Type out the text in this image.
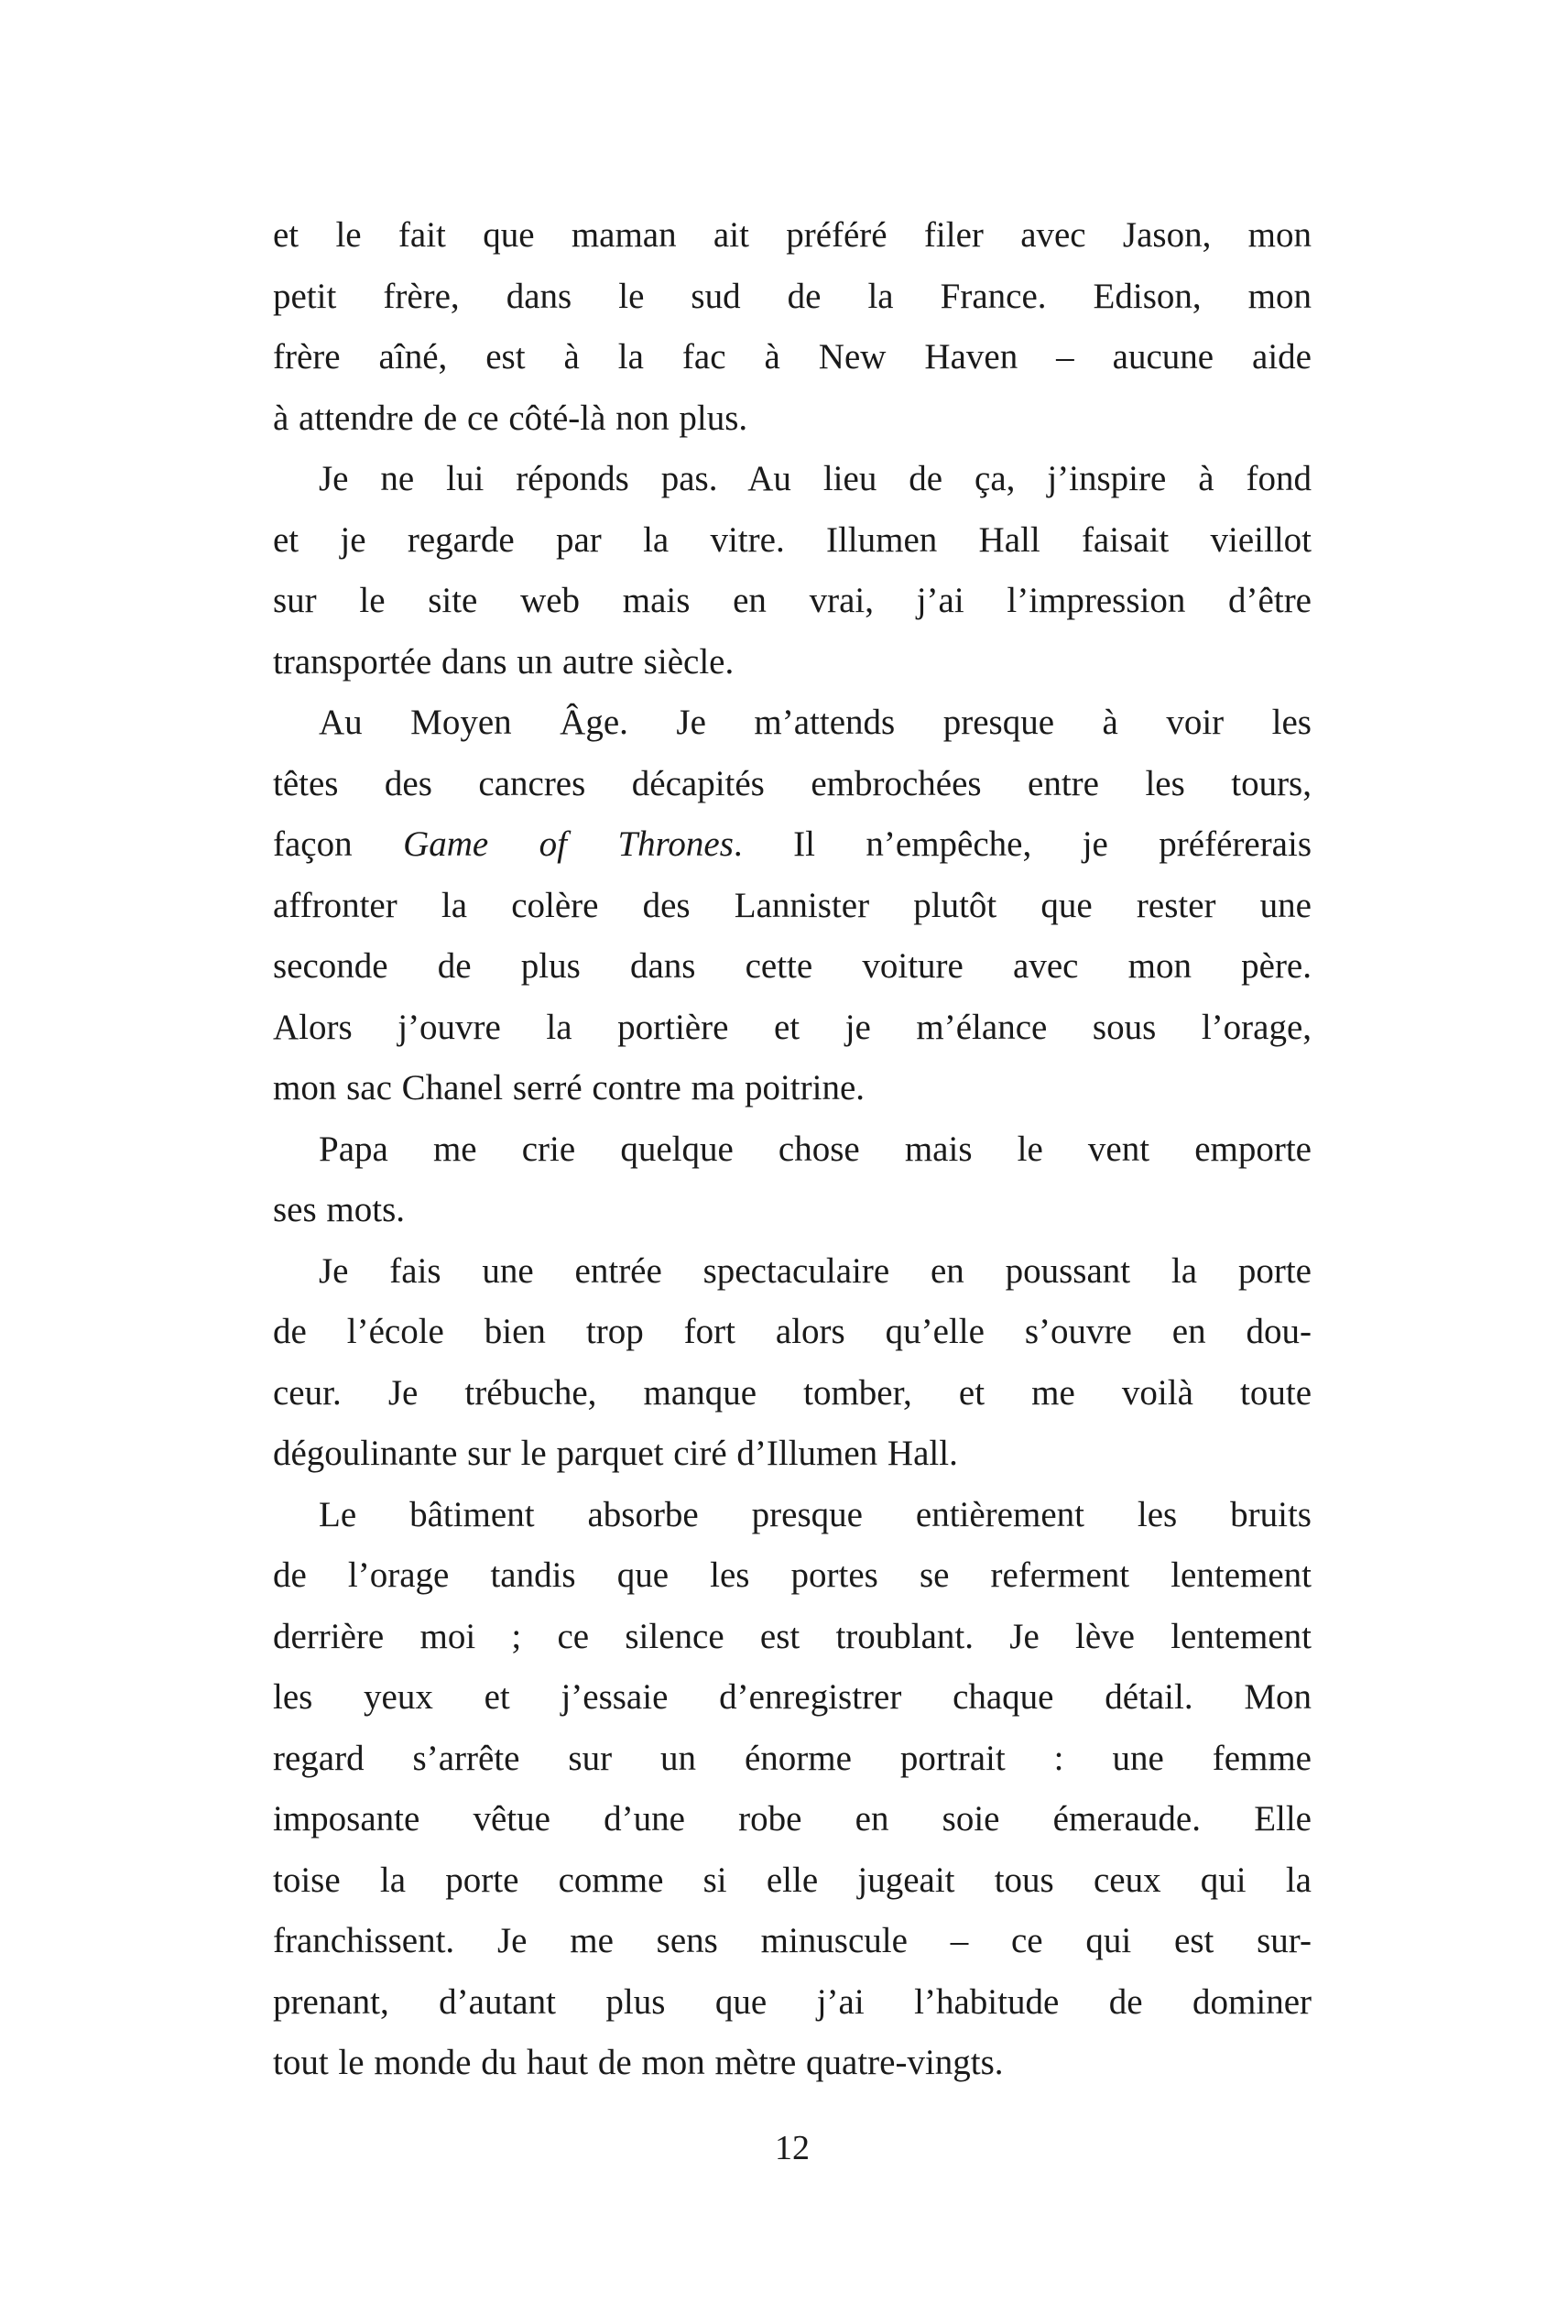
et le fait que maman ait préféré filer avec Jason, mon
petit frère, dans le sud de la France. Edison, mon
frère aîné, est à la fac à New Haven – aucune aide
à attendre de ce côté-là non plus.
Je ne lui réponds pas. Au lieu de ça, j’inspire à fond
et je regarde par la vitre. Illumen Hall faisait vieillot
sur le site web mais en vrai, j’ai l’impression d’être
transportée dans un autre siècle.
Au Moyen Âge. Je m’attends presque à voir les
têtes des cancres décapités embrochées entre les tours,
façon Game of Thrones. Il n’empêche, je préférerais
affronter la colère des Lannister plutôt que rester une
seconde de plus dans cette voiture avec mon père.
Alors j’ouvre la portière et je m’élance sous l’orage,
mon sac Chanel serré contre ma poitrine.
Papa me crie quelque chose mais le vent emporte
ses mots.
Je fais une entrée spectaculaire en poussant la porte
de l’école bien trop fort alors qu’elle s’ouvre en dou-
ceur. Je trébuche, manque tomber, et me voilà toute
dégoulinante sur le parquet ciré d’Illumen Hall.
Le bâtiment absorbe presque entièrement les bruits
de l’orage tandis que les portes se referment lentement
derrière moi ; ce silence est troublant. Je lève lentement
les yeux et j’essaie d’enregistrer chaque détail. Mon
regard s’arrête sur un énorme portrait : une femme
imposante vêtue d’une robe en soie émeraude. Elle
toise la porte comme si elle jugeait tous ceux qui la
franchissent. Je me sens minuscule – ce qui est sur-
prenant, d’autant plus que j’ai l’habitude de dominer
tout le monde du haut de mon mètre quatre-vingts.
12
